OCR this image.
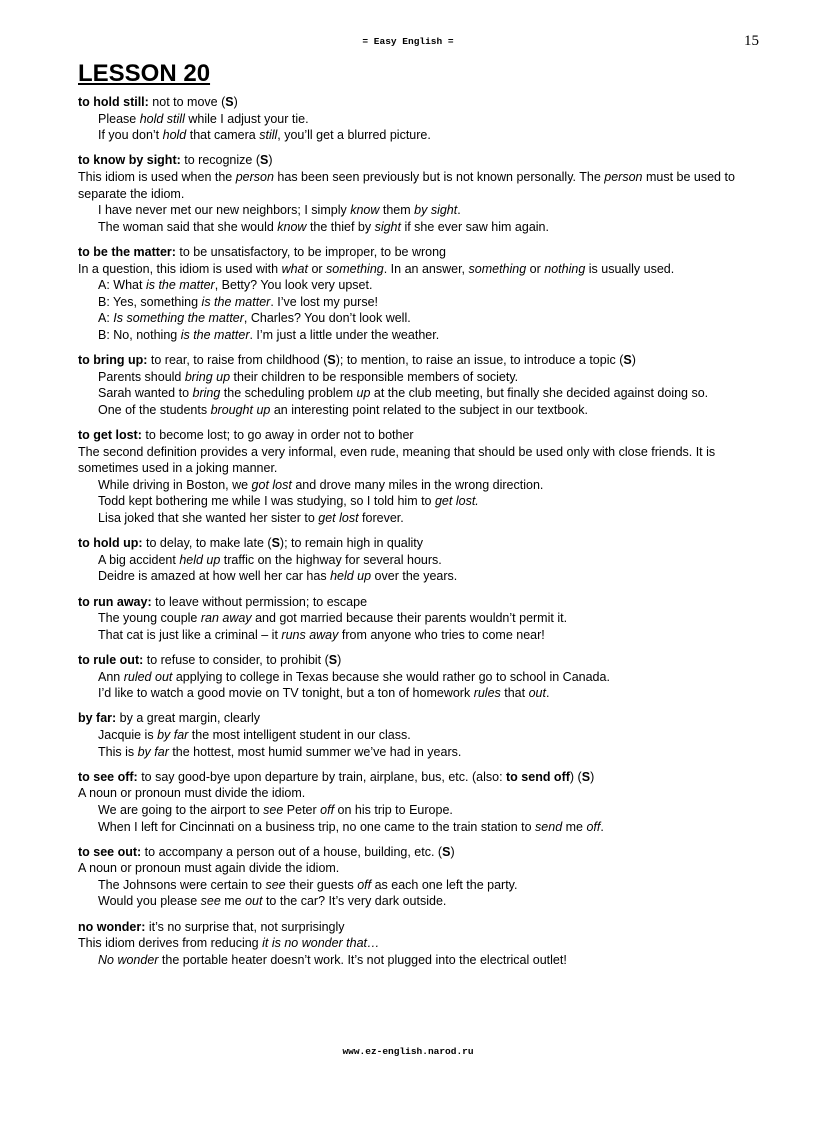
= Easy English =	15
LESSON 20

to hold still: not to move (S)

Please hold still while I adjust your tie.

If you don’t hold that camera still, you’ll get a blurred picture.

to know by sight: to recognize (S)

This idiom is used when the person has been seen previously but is not known personally. The person must be used to separate the idiom.

I have never met our new neighbors; I simply know them by sight.

The woman said that she would know the thief by sight if she ever saw him again.

to be the matter: to be unsatisfactory, to be improper, to be wrong

In a question, this idiom is used with what or something. In an answer, something or nothing is usually used.

A: What is the matter, Betty? You look very upset.

B: Yes, something is the matter. I’ve lost my purse!

A: Is something the matter, Charles? You don’t look well.

B: No, nothing is the matter. I’m just a little under the weather.

to bring up: to rear, to raise from childhood (S); to mention, to raise an issue, to introduce a topic (S)

Parents should bring up their children to be responsible members of society.

Sarah wanted to bring the scheduling problem up at the club meeting, but finally she decided against doing so.

One of the students brought up an interesting point related to the subject in our textbook.

to get lost: to become lost; to go away in order not to bother

The second definition provides a very informal, even rude, meaning that should be used only with close friends. It is sometimes used in a joking manner.

While driving in Boston, we got lost and drove many miles in the wrong direction.

Todd kept bothering me while I was studying, so I told him to get lost.

Lisa joked that she wanted her sister to get lost forever.

to hold up: to delay, to make late (S); to remain high in quality

A big accident held up traffic on the highway for several hours.

Deidre is amazed at how well her car has held up over the years.

to run away: to leave without permission; to escape

The young couple ran away and got married because their parents wouldn’t permit it.

That cat is just like a criminal – it runs away from anyone who tries to come near!

to rule out: to refuse to consider, to prohibit (S)

Ann ruled out applying to college in Texas because she would rather go to school in Canada.

I’d like to watch a good movie on TV tonight, but a ton of homework rules that out.

by far: by a great margin, clearly

Jacquie is by far the most intelligent student in our class.

This is by far the hottest, most humid summer we’ve had in years.

to see off: to say good-bye upon departure by train, airplane, bus, etc. (also: to send off) (S)

A noun or pronoun must divide the idiom.

We are going to the airport to see Peter off on his trip to Europe.

When I left for Cincinnati on a business trip, no one came to the train station to send me off.

to see out: to accompany a person out of a house, building, etc. (S)

A noun or pronoun must again divide the idiom.

The Johnsons were certain to see their guests off as each one left the party.

Would you please see me out to the car? It’s very dark outside.

no wonder: it’s no surprise that, not surprisingly

This idiom derives from reducing it is no wonder that…

No wonder the portable heater doesn’t work. It’s not plugged into the electrical outlet!

www.ez-english.narod.ru
